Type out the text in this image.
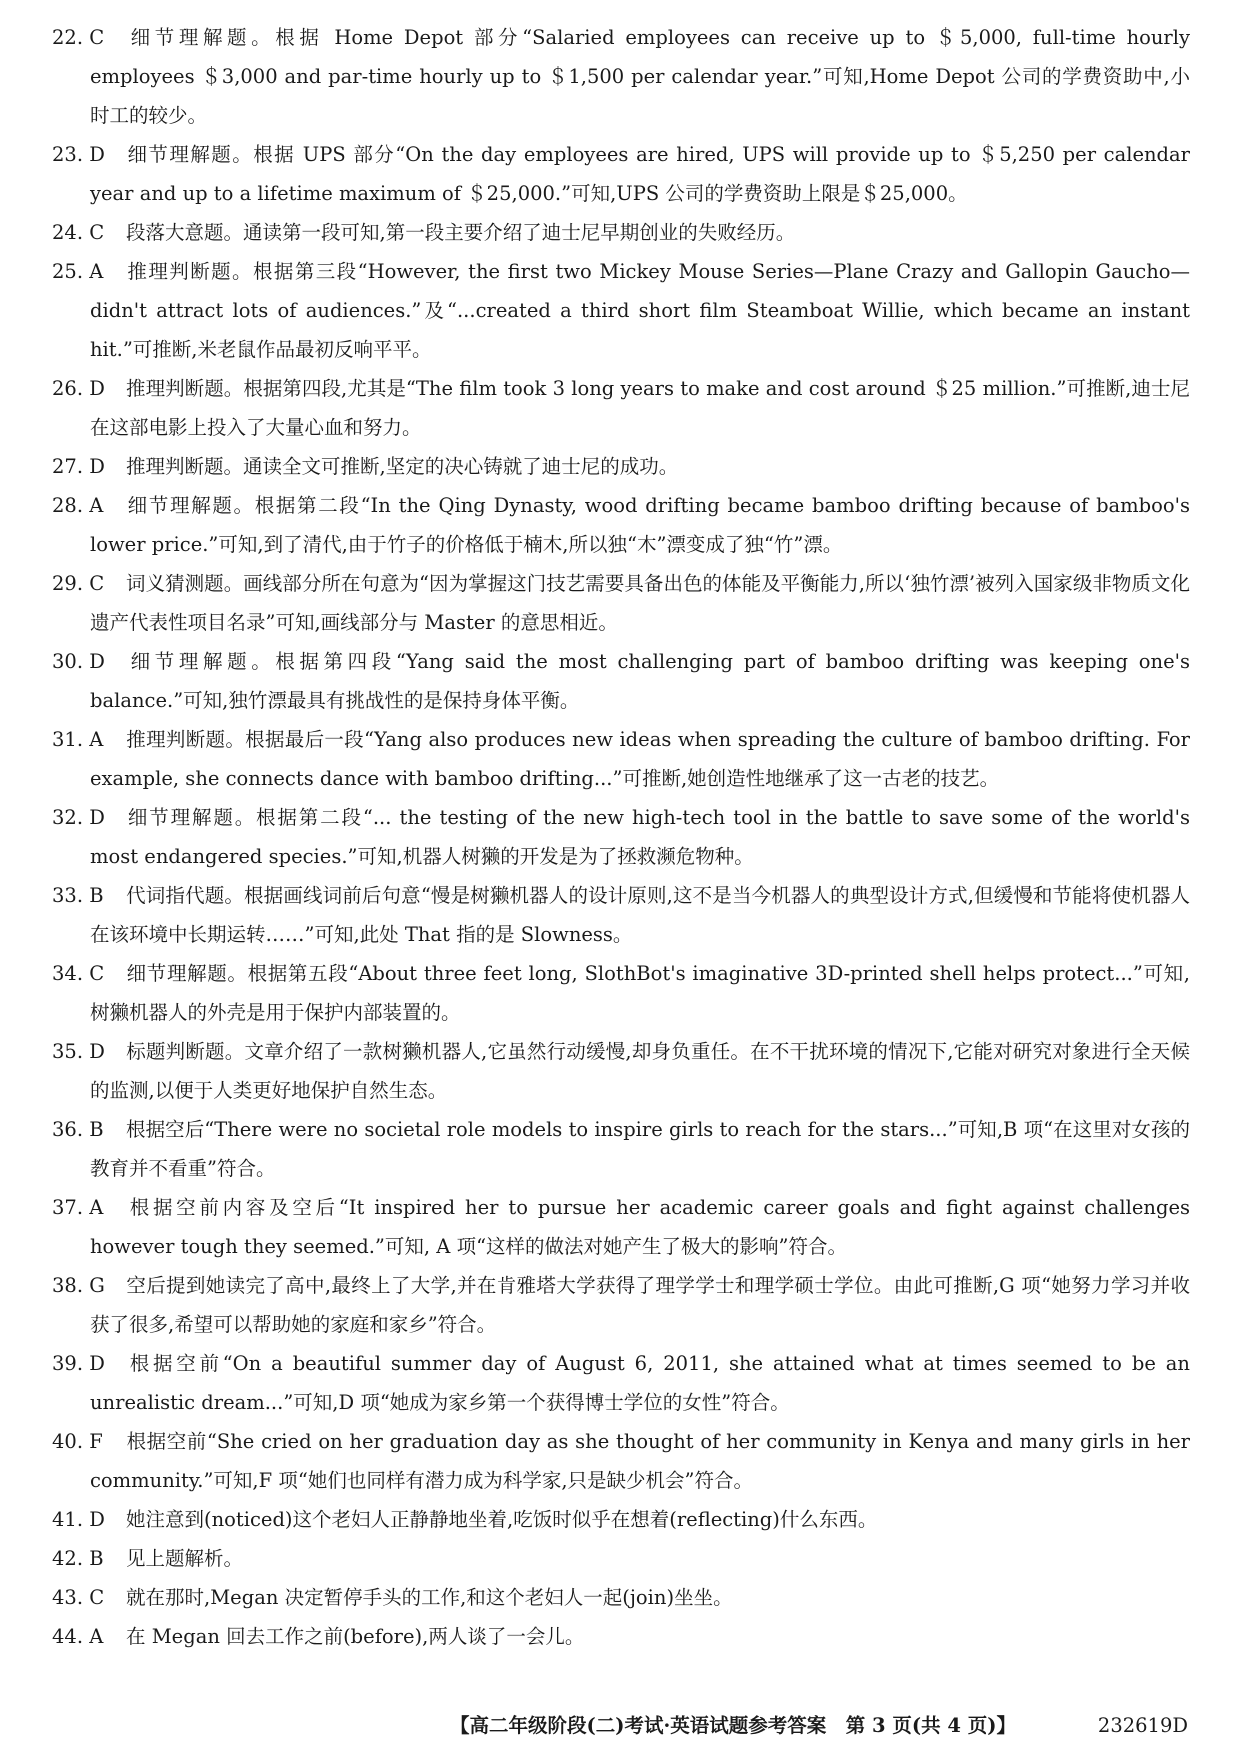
22. C 细节理解题。根据 Home Depot 部分“Salaried employees can receive up to ＄5,000, full-time hourly employees ＄3,000 and par-time hourly up to ＄1,500 per calendar year.”可知,Home Depot 公司的学费资助中,小时工的较少。
23. D 细节理解题。根据 UPS 部分“On the day employees are hired, UPS will provide up to ＄5,250 per calendar year and up to a lifetime maximum of ＄25,000.”可知,UPS 公司的学费资助上限是＄25,000。
24. C 段落大意题。通读第一段可知,第一段主要介绍了迪士尼早期创业的失败经历。
25. A 推理判断题。根据第三段“However, the first two Mickey Mouse Series—Plane Crazy and Gallopin Gaucho—didn't attract lots of audiences.”及“...created a third short film Steamboat Willie, which became an instant hit.”可推断,米老鼠作品最初反响平平。
26. D 推理判断题。根据第四段,尤其是“The film took 3 long years to make and cost around ＄25 million.”可推断,迪士尼在这部电影上投入了大量心血和努力。
27. D 推理判断题。通读全文可推断,坚定的决心铸就了迪士尼的成功。
28. A 细节理解题。根据第二段“In the Qing Dynasty, wood drifting became bamboo drifting because of bamboo's lower price.”可知,到了清代,由于竹子的价格低于楠木,所以独“木”漂变成了独“竹”漂。
29. C 词义猜测题。画线部分所在句意为“因为掌握这门技艺需要具备出色的体能及平衡能力,所以‘独竹漂’被列入国家级非物质文化遗产代表性项目名录”可知,画线部分与 Master 的意思相近。
30. D 细节理解题。根据第四段“Yang said the most challenging part of bamboo drifting was keeping one's balance.”可知,独竹漂最具有挑战性的是保持身体平衡。
31. A 推理判断题。根据最后一段“Yang also produces new ideas when spreading the culture of bamboo drifting. For example, she connects dance with bamboo drifting...”可推断,她创造性地继承了这一古老的技艺。
32. D 细节理解题。根据第二段“... the testing of the new high-tech tool in the battle to save some of the world's most endangered species.”可知,机器人树獭的开发是为了拯救濒危物种。
33. B 代词指代题。根据画线词前后句意“慢是树獭机器人的设计原则,这不是当今机器人的典型设计方式,但缓慢和节能将使机器人在该环境中长期运转……”可知,此处 That 指的是 Slowness。
34. C 细节理解题。根据第五段“About three feet long, SlothBot's imaginative 3D-printed shell helps protect...”可知,树獭机器人的外壳是用于保护内部装置的。
35. D 标题判断题。文章介绍了一款树獭机器人,它虽然行动缓慢,却身负重任。在不干扰环境的情况下,它能对研究对象进行全天候的监测,以便于人类更好地保护自然生态。
36. B 根据空后“There were no societal role models to inspire girls to reach for the stars...”可知,B 项“在这里对女孩的教育并不看重”符合。
37. A 根据空前内容及空后“It inspired her to pursue her academic career goals and fight against challenges however tough they seemed.”可知, A 项“这样的做法对她产生了极大的影响”符合。
38. G 空后提到她读完了高中,最终上了大学,并在肯雅塔大学获得了理学学士和理学硕士学位。由此可推断,G 项“她努力学习并收获了很多,希望可以帮助她的家庭和家乡”符合。
39. D 根据空前“On a beautiful summer day of August 6, 2011, she attained what at times seemed to be an unrealistic dream...”可知,D 项“她成为家乡第一个获得博士学位的女性”符合。
40. F 根据空前“She cried on her graduation day as she thought of her community in Kenya and many girls in her community.”可知,F 项“她们也同样有潜力成为科学家,只是缺少机会”符合。
41. D 她注意到(noticed)这个老妇人正静静地坐着,吃饭时似乎在想着(reflecting)什么东西。
42. B 见上题解析。
43. C 就在那时,Megan 决定暂停手头的工作,和这个老妇人一起(join)坐坐。
44. A 在 Megan 回去工作之前(before),两人谈了一会儿。
【高二年级阶段(二)考试·英语试题参考答案　第 3 页(共 4 页)】	232619D
